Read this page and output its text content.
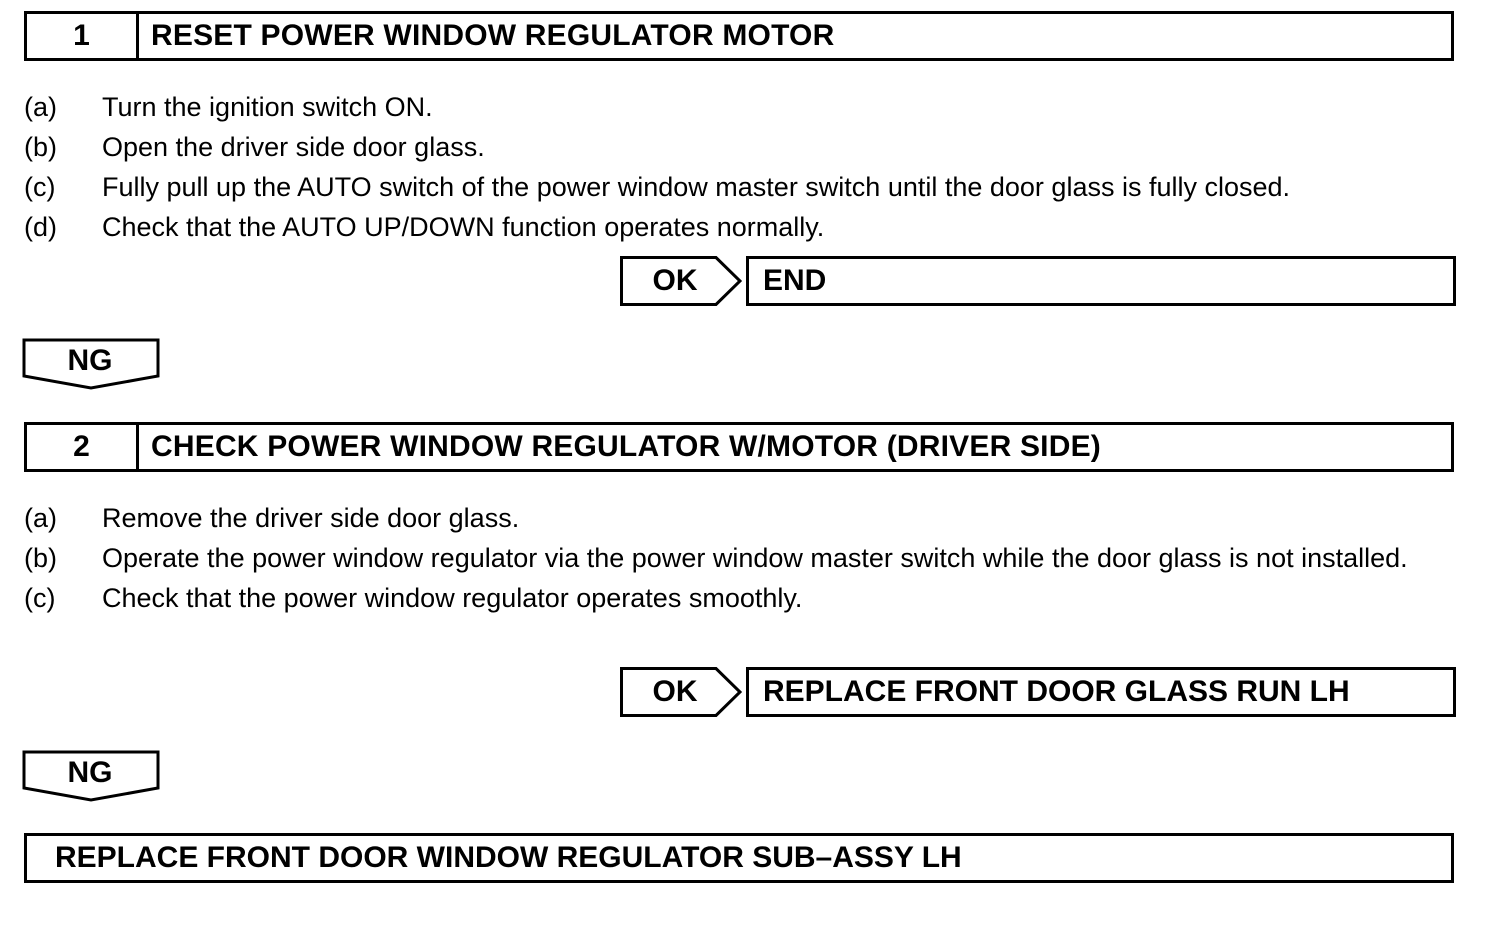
1	RESET POWER WINDOW REGULATOR MOTOR
(a)	Turn the ignition switch ON.
(b)	Open the driver side door glass.
(c)	Fully pull up the AUTO switch of the power window master switch until the door glass is fully closed.
(d)	Check that the AUTO UP/DOWN function operates normally.
OK	END
NG
2	CHECK POWER WINDOW REGULATOR W/MOTOR (DRIVER SIDE)
(a)	Remove the driver side door glass.
(b)	Operate the power window regulator via the power window master switch while the door glass is not installed.
(c)	Check that the power window regulator operates smoothly.
OK	REPLACE FRONT DOOR GLASS RUN LH
NG
REPLACE FRONT DOOR WINDOW REGULATOR SUB–ASSY LH
